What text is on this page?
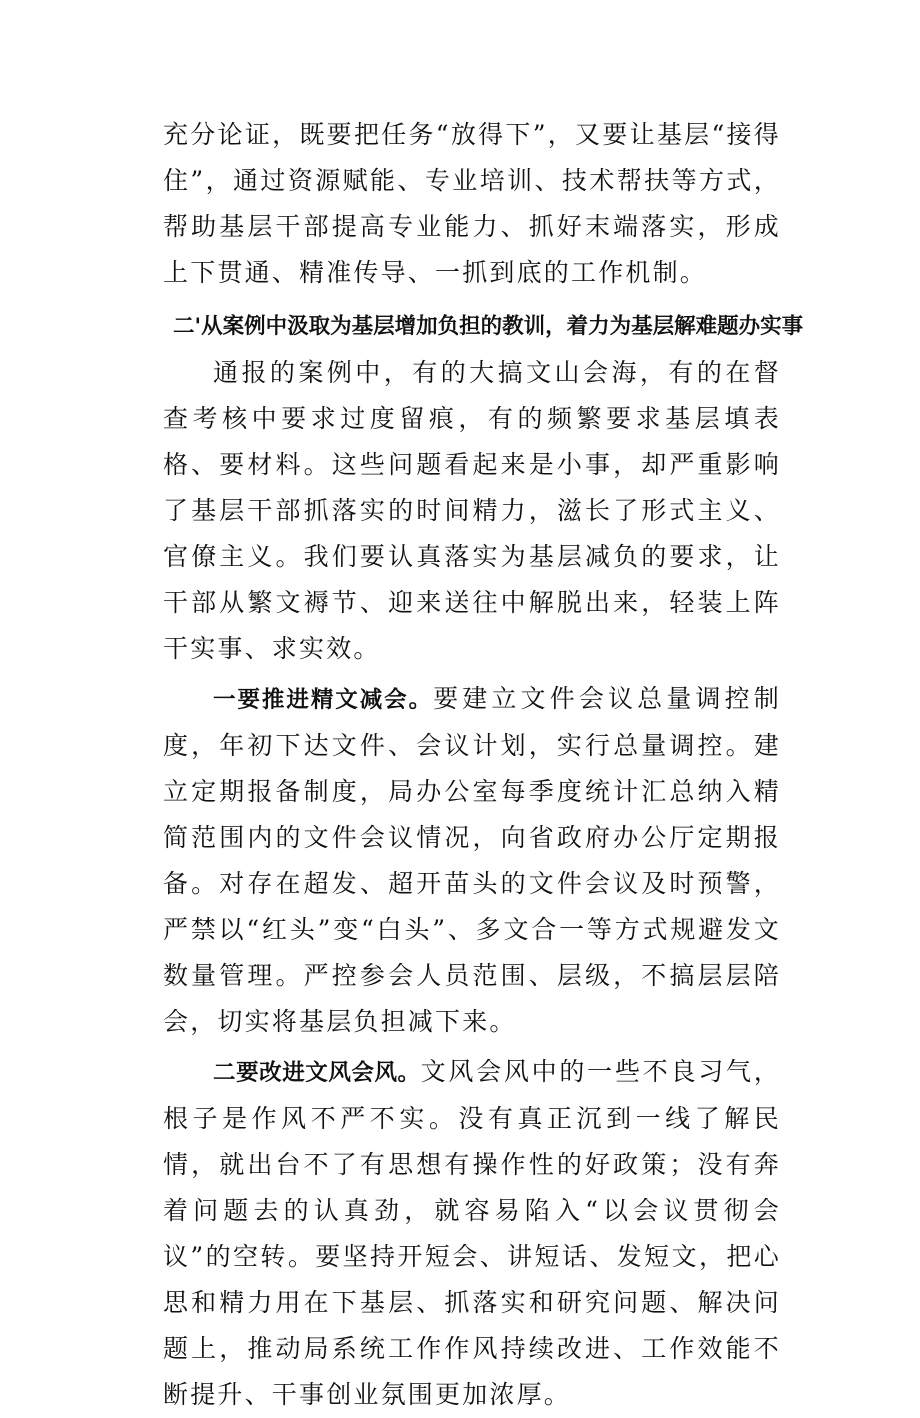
充分论证，既要把任务“放得下”，又要让基层“接得住”，通过资源赋能、专业培训、技术帮扶等方式，帮助基层干部提高专业能力、抓好末端落实，形成上下贯通、精准传导、一抓到底的工作机制。

二'从案例中汲取为基层增加负担的教训，着力为基层解难题办实事

通报的案例中，有的大搞文山会海，有的在督查考核中要求过度留痕，有的频繁要求基层填表格、要材料。这些问题看起来是小事，却严重影响了基层干部抓落实的时间精力，滋长了形式主义、官僚主义。我们要认真落实为基层减负的要求，让干部从繁文褥节、迎来送往中解脱出来，轻装上阵干实事、求实效。

一要推进精文减会。要建立文件会议总量调控制度，年初下达文件、会议计划，实行总量调控。建立定期报备制度，局办公室每季度统计汇总纳入精简范围内的文件会议情况，向省政府办公厅定期报备。对存在超发、超开苗头的文件会议及时预警，严禁以“红头”变“白头”、多文合一等方式规避发文数量管理。严控参会人员范围、层级，不搞层层陪会，切实将基层负担减下来。

二要改进文风会风。文风会风中的一些不良习气，根子是作风不严不实。没有真正沉到一线了解民情，就出台不了有思想有操作性的好政策；没有奔着问题去的认真劲，就容易陷入“以会议贯彻会议”的空转。要坚持开短会、讲短话、发短文，把心思和精力用在下基层、抓落实和研究问题、解决问题上，推动局系统工作作风持续改进、工作效能不断提升、干事创业氛围更加浓厚。
